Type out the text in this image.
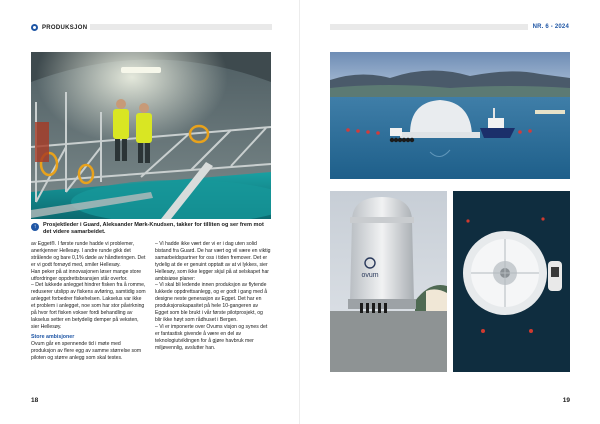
PRODUKSJON
↑	Prosjektleder i Guard, Aleksander Mørk-Knudsen, takker for tilliten og ser frem mot det videre samarbeidet.

av Egget®. I første runde hadde vi problemer, anerkjenner Hellesøy. I andre runde gikk det strålende og bare 0,1% døde av håndteringen. Det er vi godt fornøyd med, smiler Hellesøy.

Han peker på at innovasjonen løser mange store utfordringer oppdrettsbransjen står overfor.

– Det lukkede anlegget hindrer fisken fra å romme, reduserer utslipp av fiskens avføring, samtidig som anlegget forbedrer fiskehelsen. Lakselus var ikke et problem i anlegget, noe som har stor påvirkning på hvor fort fisken vokser fordi behandling av lakselus setter en betydelig demper på veksten, sier Hellesøy.

Store ambisjoner

Ovum går en spennende tid i møte med produksjon av flere egg av samme størrelse som piloten og større anlegg som skal testes.

– Vi hadde ikke vært der vi er i dag uten solid bistand fra Guard. De har vært og vil være en viktig samarbeidspartner for oss i tiden fremover. Det er tydelig at de er genuint opptatt av at vi lykkes, sier Hellesøy, som ikke legger skjul på at selskapet har ambisiøse planer:

– Vi skal bli ledende innen produksjon av flytende lukkede oppdrettsanlegg, og er godt i gang med å designe neste generasjon av Egget. Det har en produksjonskapasitet på hele 10-gangeren av Egget som ble brukt i vår første pilotprosjekt, og blir ikke høyt som rådhuset i Bergen.

– Vi er imponerte over Ovums visjon og synes det er fantastisk givende å være en del av teknologiutviklingen for å gjøre havbruk mer miljøvennlig, avslutter han.

18
NR. 6 - 2024
ovum
19
